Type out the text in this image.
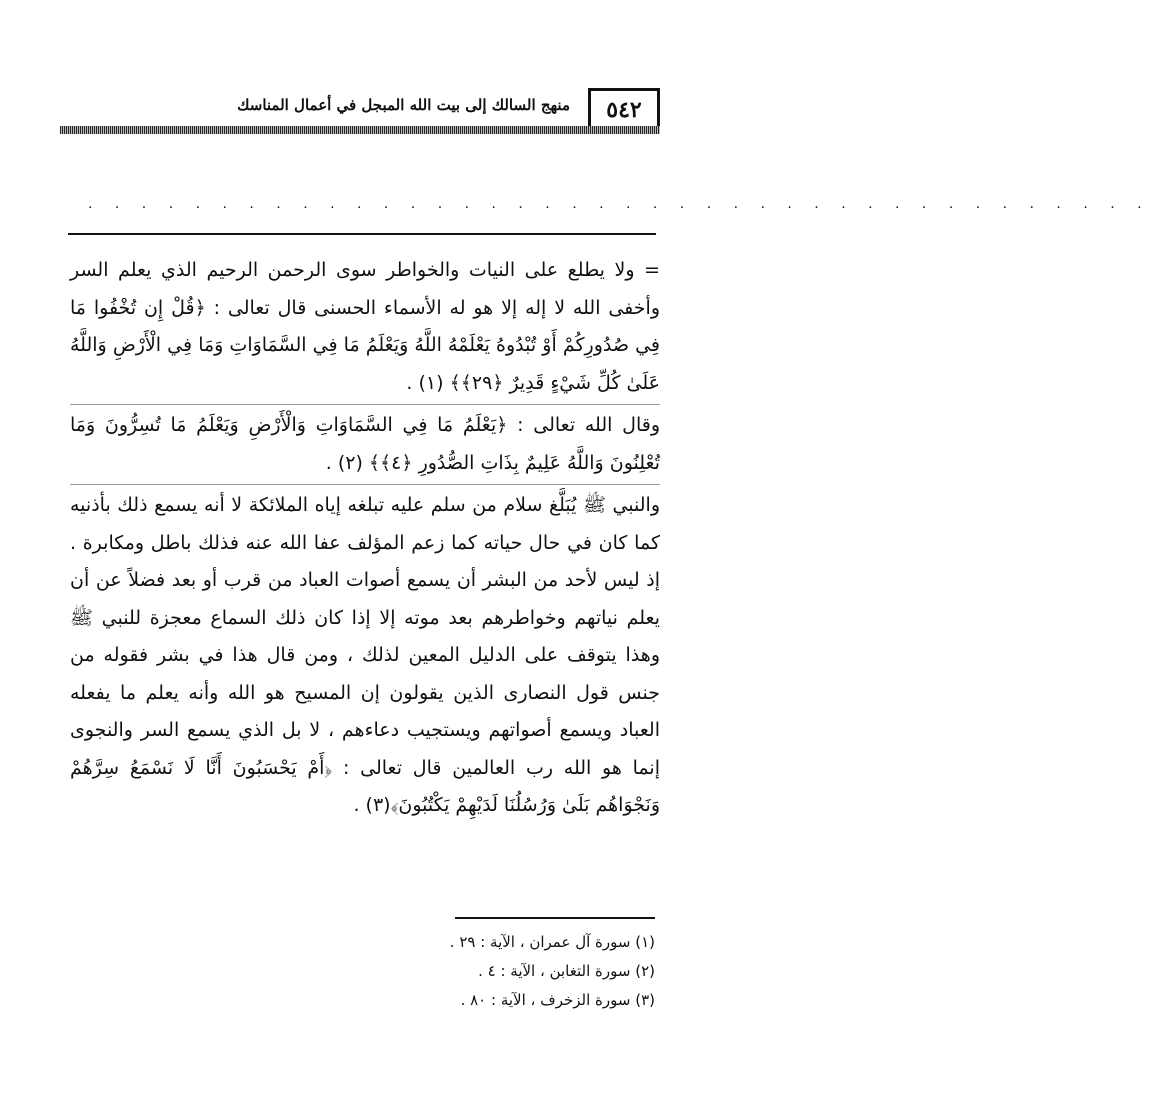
٥٤٢
منهج السالك إلى بيت الله المبجل في أعمال المناسك
. . . . . . . . . . . . . . . . . . . . . . . . . . . . . . . . . . . . . . . .

= ولا يطلع على النيات والخواطر سوى الرحمن الرحيم الذي يعلم السر وأخفى الله لا إله إلا هو له الأسماء الحسنى قال تعالى : ﴿قُلْ إِن تُخْفُوا مَا فِي صُدُورِكُمْ أَوْ تُبْدُوهُ يَعْلَمْهُ اللَّهُ وَيَعْلَمُ مَا فِي السَّمَاوَاتِ وَمَا فِي الْأَرْضِ وَاللَّهُ عَلَىٰ كُلِّ شَيْءٍ قَدِيرٌ ﴿٢٩﴾﴾ (١) .

وقال الله تعالى : ﴿يَعْلَمُ مَا فِي السَّمَاوَاتِ وَالْأَرْضِ وَيَعْلَمُ مَا تُسِرُّونَ وَمَا تُعْلِنُونَ وَاللَّهُ عَلِيمٌ بِذَاتِ الصُّدُورِ ﴿٤﴾﴾ (٢) .

والنبي ﷺ يُبَلَّغ سلام من سلم عليه تبلغه إياه الملائكة لا أنه يسمع ذلك بأذنيه كما كان في حال حياته كما زعم المؤلف عفا الله عنه فذلك باطل ومكابرة . إذ ليس لأحد من البشر أن يسمع أصوات العباد من قرب أو بعد فضلاً عن أن يعلم نياتهم وخواطرهم بعد موته إلا إذا كان ذلك السماع معجزة للنبي ﷺ وهذا يتوقف على الدليل المعين لذلك ، ومن قال هذا في بشر فقوله من جنس قول النصارى الذين يقولون إن المسيح هو الله وأنه يعلم ما يفعله العباد ويسمع أصواتهم ويستجيب دعاءهم ، لا بل الذي يسمع السر والنجوى إنما هو الله رب العالمين قال تعالى : ﴿أَمْ يَحْسَبُونَ أَنَّا لَا نَسْمَعُ سِرَّهُمْ وَنَجْوَاهُم بَلَىٰ وَرُسُلُنَا لَدَيْهِمْ يَكْتُبُونَ﴾(٣) .

(١) سورة آل عمران ، الآية : ٢٩ .
(٢) سورة التغابن ، الآية : ٤ .
(٣) سورة الزخرف ، الآية : ٨٠ .
